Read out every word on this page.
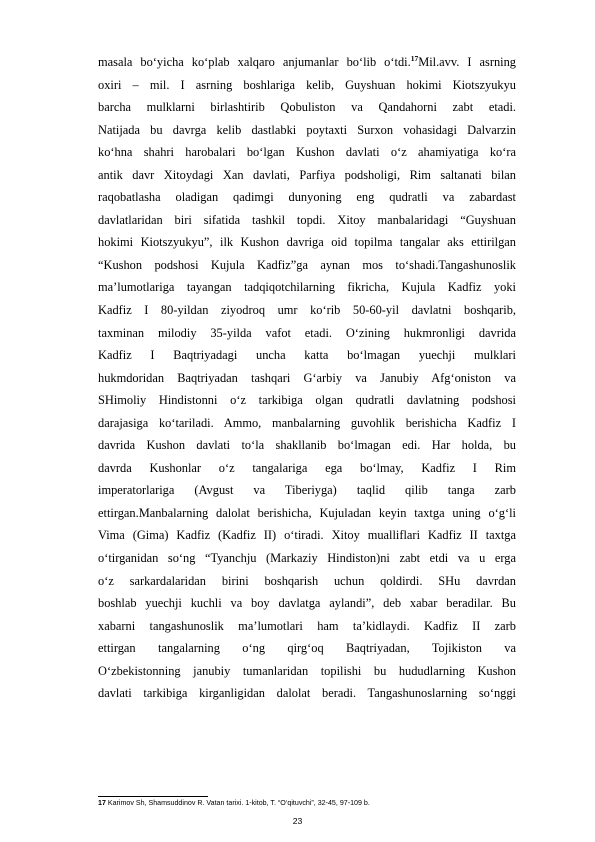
masala bo‘yicha ko‘plab xalqaro anjumanlar bo‘lib o‘tdi.$^{17}$Mil.avv. I asrning
oxiri – mil. I asrning boshlariga kelib, Guyshuan hokimi Kiotszyukyu
barcha mulklarni birlashtirib Qobuliston va Qandahorni zabt etadi.
Natijada bu davrga kelib dastlabki poytaxti Surxon vohasidagi Dalvarzin
ko‘hna shahri harobalari bo‘lgan Kushon davlati o‘z ahamiyatiga ko‘ra
antik davr Xitoydagi Xan davlati, Parfiya podsholigi, Rim saltanati bilan
raqobatlasha oladigan qadimgi dunyoning eng qudratli va zabardast
davlatlaridan biri sifatida tashkil topdi. Xitoy manbalaridagi “Guyshuan
hokimi Kiotszyukyu”, ilk Kushon davriga oid topilma tangalar aks ettirilgan
“Kushon podshosi Kujula Kadfiz”ga aynan mos to‘shadi.Tangashunoslik
ma’lumotlariga tayangan tadqiqotchilarning fikricha, Kujula Kadfiz yoki
Kadfiz I 80-yildan ziyodroq umr ko‘rib 50-60-yil davlatni boshqarib,
taxminan milodiy 35-yilda vafot etadi. O‘zining hukmronligi davrida
Kadfiz I Baqtriyadagi uncha katta bo‘lmagan yuechji mulklari
hukmdoridan Baqtriyadan tashqari G‘arbiy va Janubiy Afg‘oniston va
SHimoliy Hindistonni o‘z tarkibiga olgan qudratli davlatning podshosi
darajasiga ko‘tariladi. Ammo, manbalarning guvohlik berishicha Kadfiz I
davrida Kushon davlati to‘la shakllanib bo‘lmagan edi. Har holda, bu
davrda Kushonlar o‘z tangalariga ega bo‘lmay, Kadfiz I Rim
imperatorlariga (Avgust va Tiberiyga) taqlid qilib tanga zarb
ettirgan.Manbalarning dalolat berishicha, Kujuladan keyin taxtga uning o‘g‘li
Vima (Gima) Kadfiz (Kadfiz II) o‘tiradi. Xitoy mualliflari Kadfiz II taxtga
o‘tirganidan so‘ng “Tyanchju (Markaziy Hindiston)ni zabt etdi va u erga
o‘z sarkardalaridan birini boshqarish uchun qoldirdi. SHu davrdan
boshlab yuechji kuchli va boy davlatga aylandi”, deb xabar beradilar. Bu
xabarni tangashunoslik ma’lumotlari ham ta’kidlaydi. Kadfiz II zarb
ettirgan tangalarning o‘ng qirg‘oq Baqtriyadan, Tojikiston va
O‘zbekistonning janubiy tumanlaridan topilishi bu hududlarning Kushon
davlati tarkibiga kirganligidan dalolat beradi. Tangashunoslarning so‘nggi
17 Karimov Sh, Shamsuddinov R. Vatan tarixi. 1-kitob, T. “O‘qituvchi”, 32-45, 97-109 b.
23
